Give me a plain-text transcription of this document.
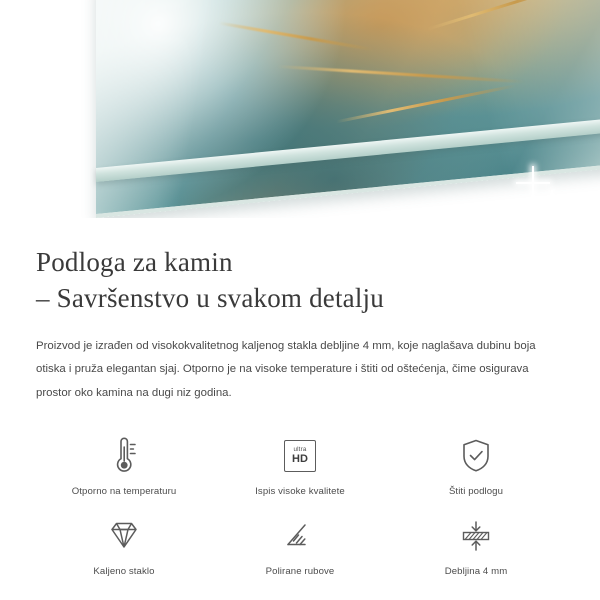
Podloga za kamin
– Savršenstvo u svakom detalju

Proizvod je izrađen od visokokvalitetnog kaljenog stakla debljine 4 mm, koje naglašava dubinu boja otiska i pruža elegantan sjaj. Otporno je na visoke temperature i štiti od oštećenja, čime osigurava prostor oko kamina na dugi niz godina.

Otporno na temperaturu
ultra
HD
Ispis visoke kvalitete	Štiti podlogu
Kaljeno staklo	Polirane rubove	Debljina 4 mm
